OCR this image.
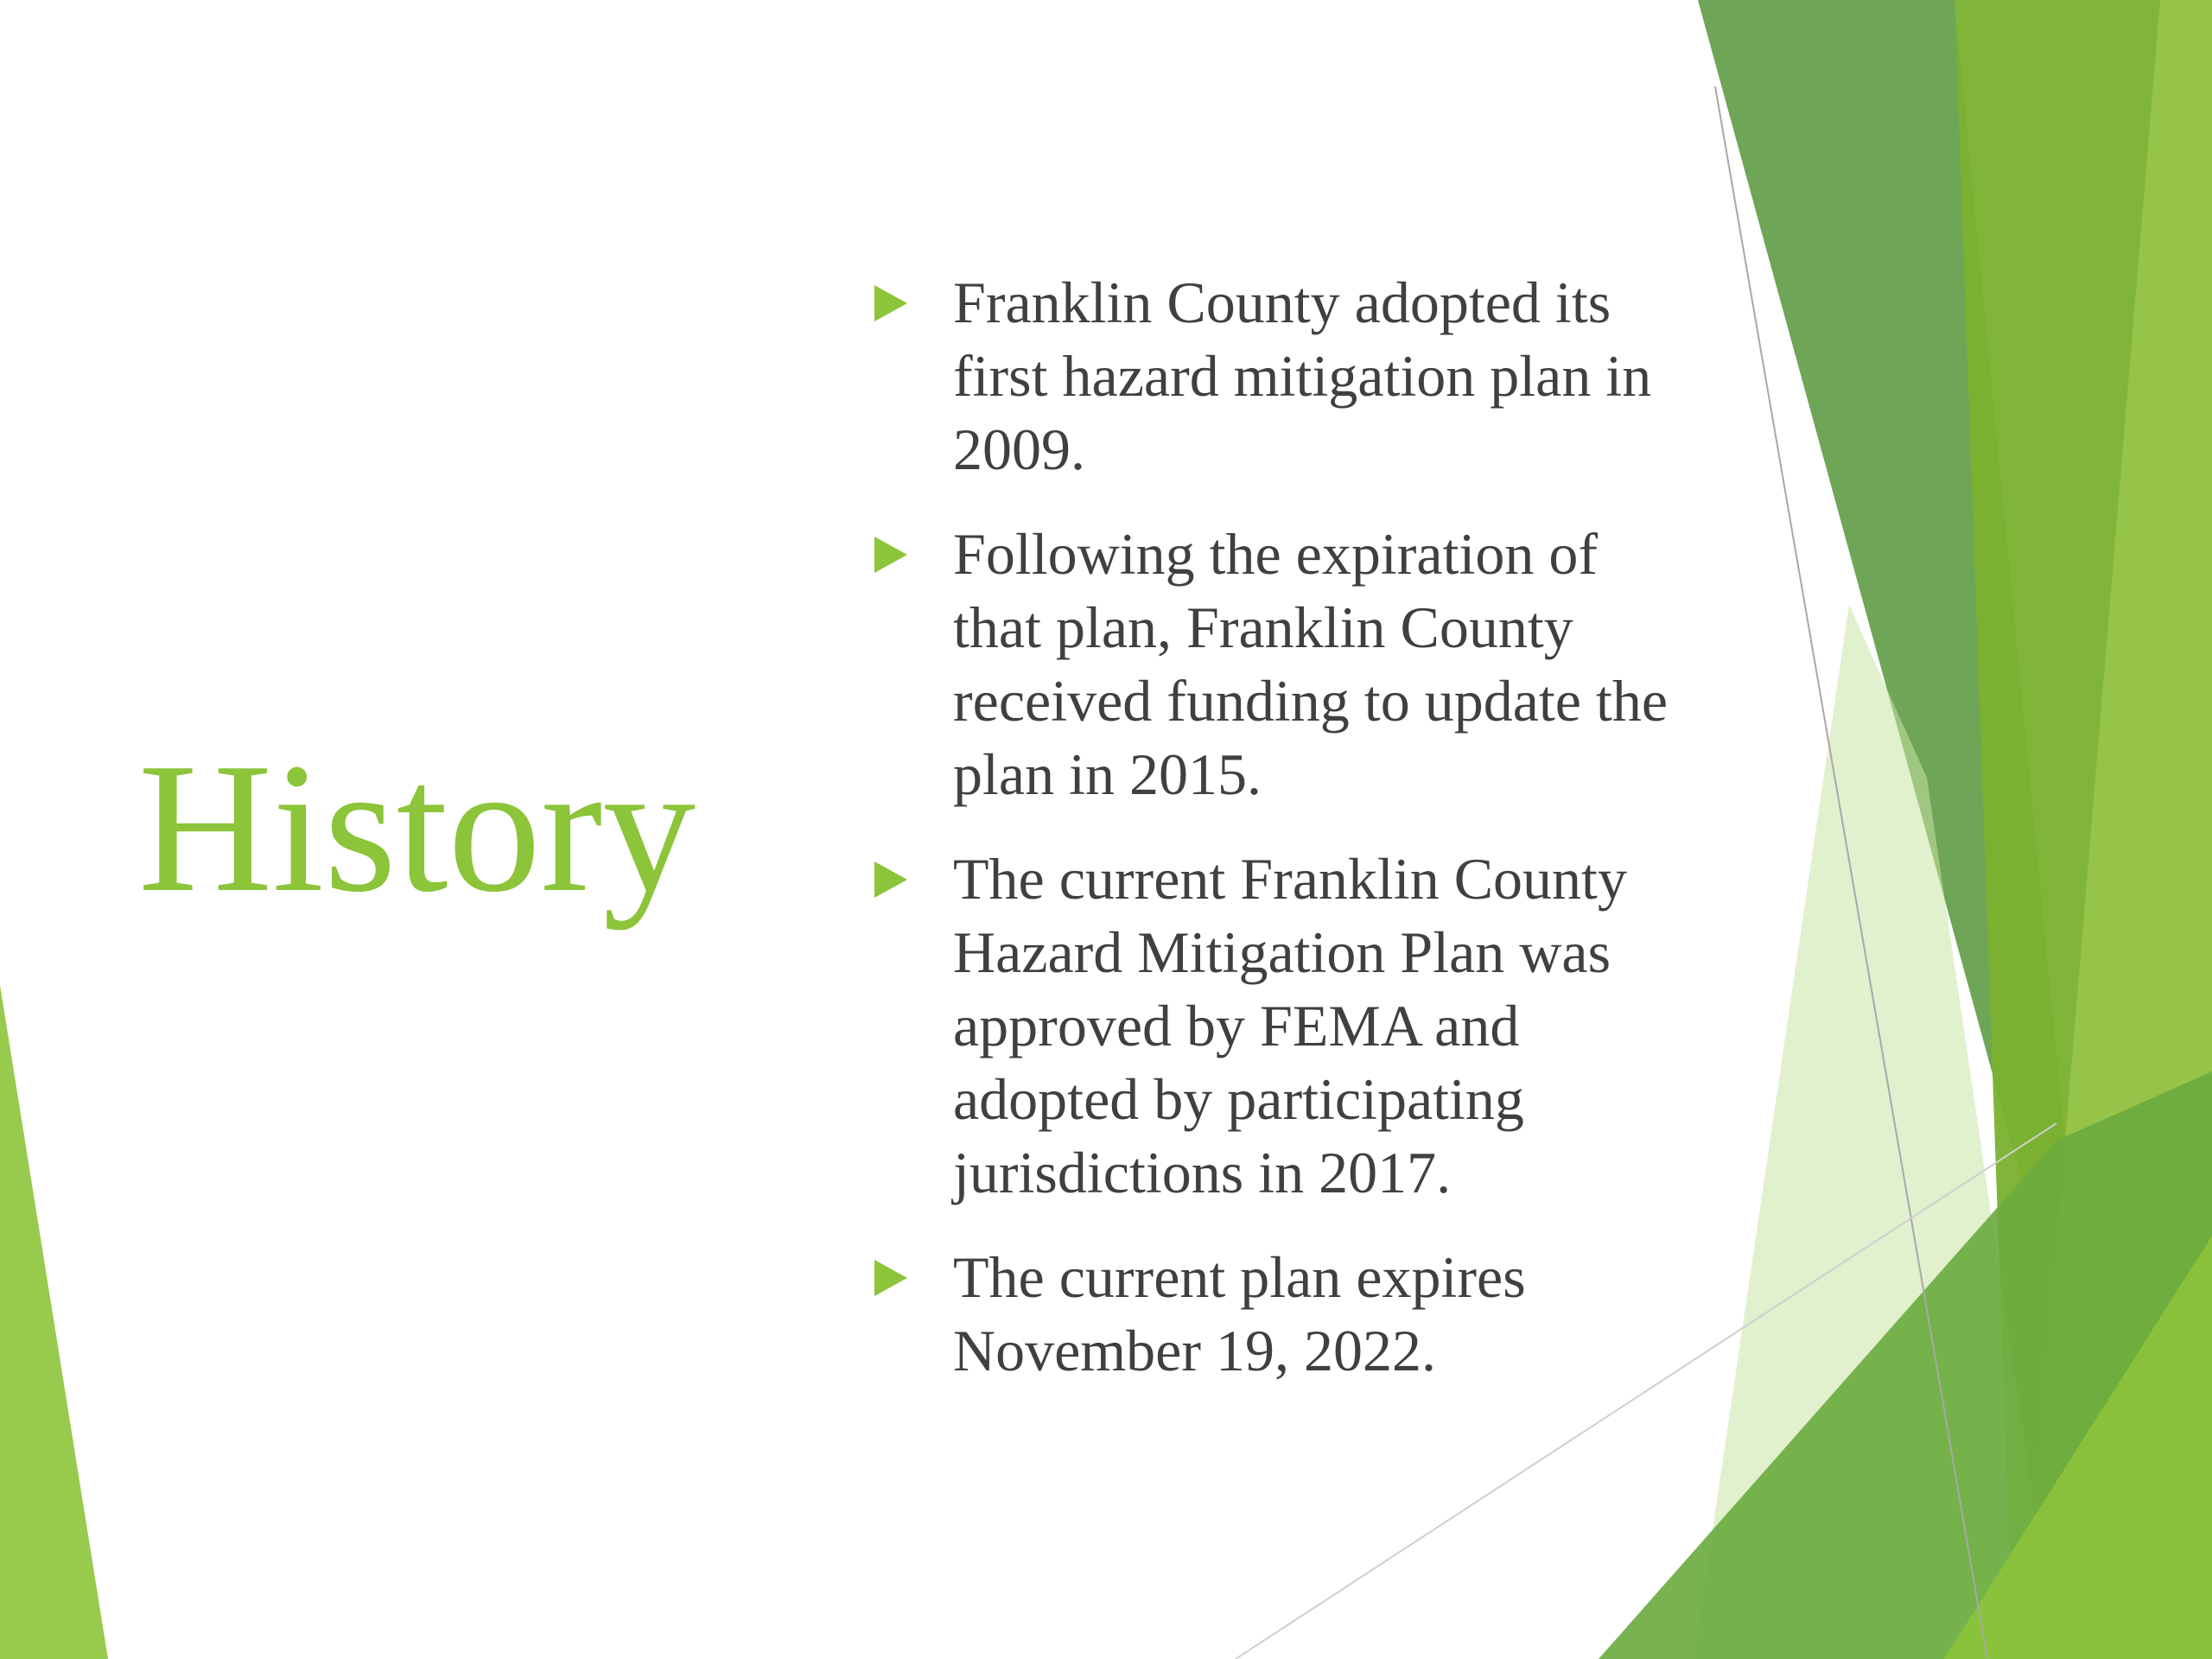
History
Franklin County adopted its first hazard mitigation plan in 2009.
Following the expiration of that plan, Franklin County received funding to update the plan in 2015.
The current Franklin County Hazard Mitigation Plan was approved by FEMA and adopted by participating jurisdictions in 2017.
The current plan expires November 19, 2022.
